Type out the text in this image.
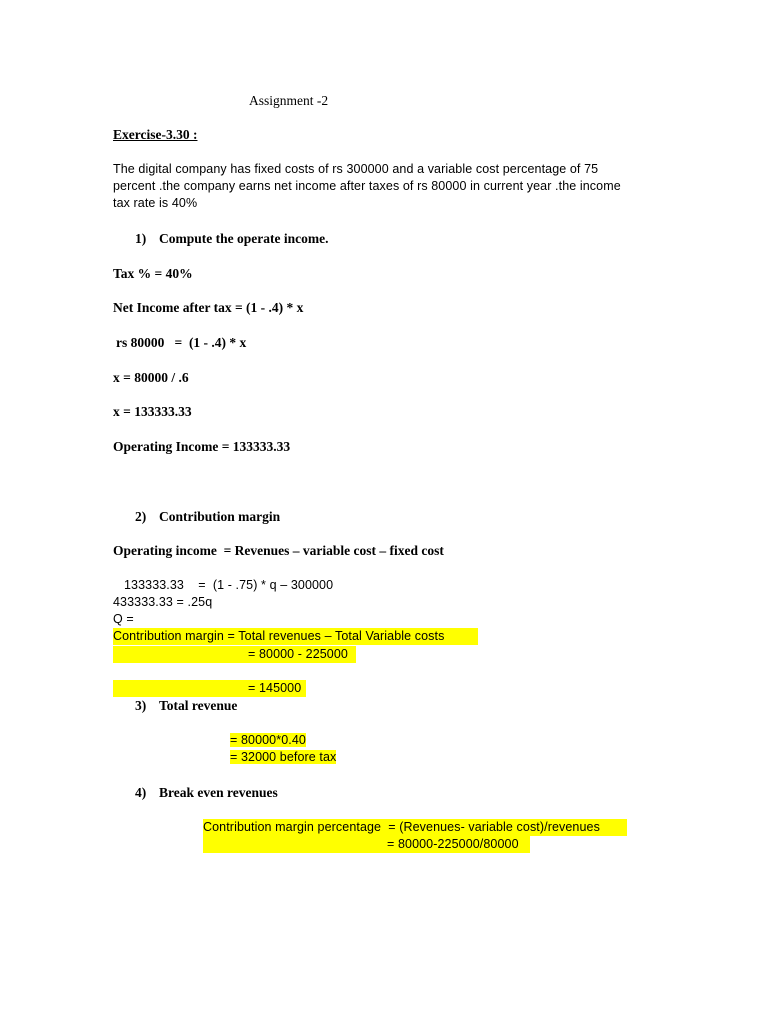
Assignment -2
Exercise-3.30 :
The digital company has fixed costs of rs 300000 and a variable cost percentage of 75
percent .the company earns net income after taxes of rs 80000 in current year .the income
tax rate is 40%
1) Compute the operate income.
Tax % = 40%
Net Income after tax = (1 - .4) * x
rs 80000   =  (1 - .4) * x
x = 80000 / .6
x = 133333.33
Operating Income = 133333.33
2) Contribution margin
Operating income  = Revenues – variable cost – fixed cost
133333.33    =  (1 - .75) * q – 300000
433333.33 = .25q
Q =
Contribution margin = Total revenues – Total Variable costs
= 80000 - 225000
= 145000
3) Total revenue
= 80000*0.40
= 32000 before tax
4) Break even revenues
Contribution margin percentage  = (Revenues- variable cost)/revenues
= 80000-225000/80000
